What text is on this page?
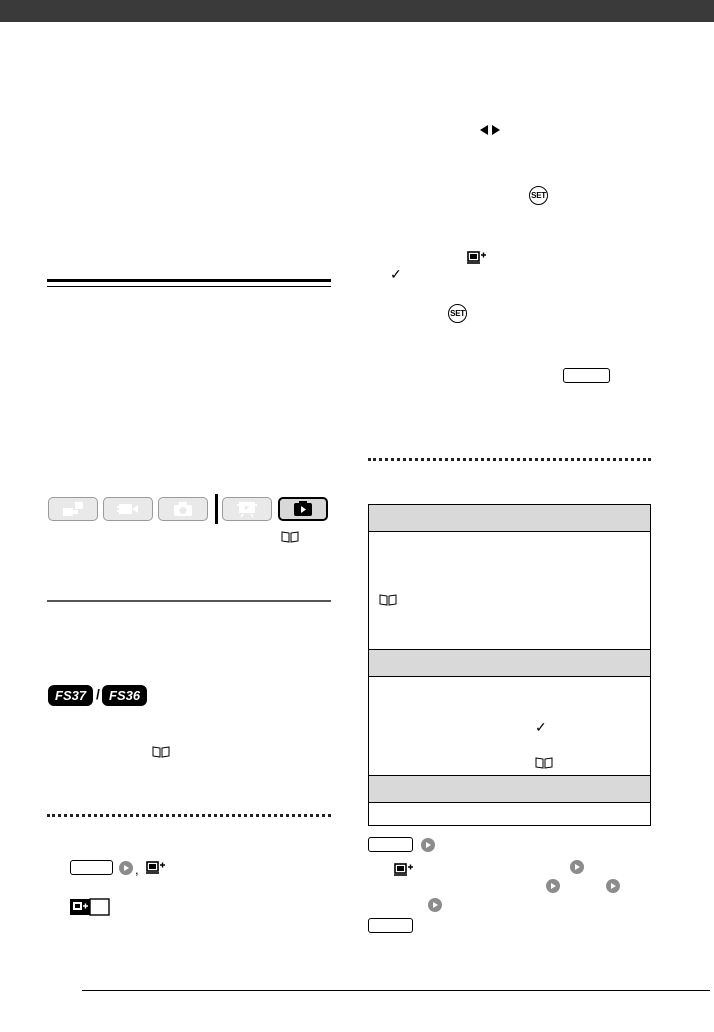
FS37	FS36
/
,
SET
✓
SET
✓
